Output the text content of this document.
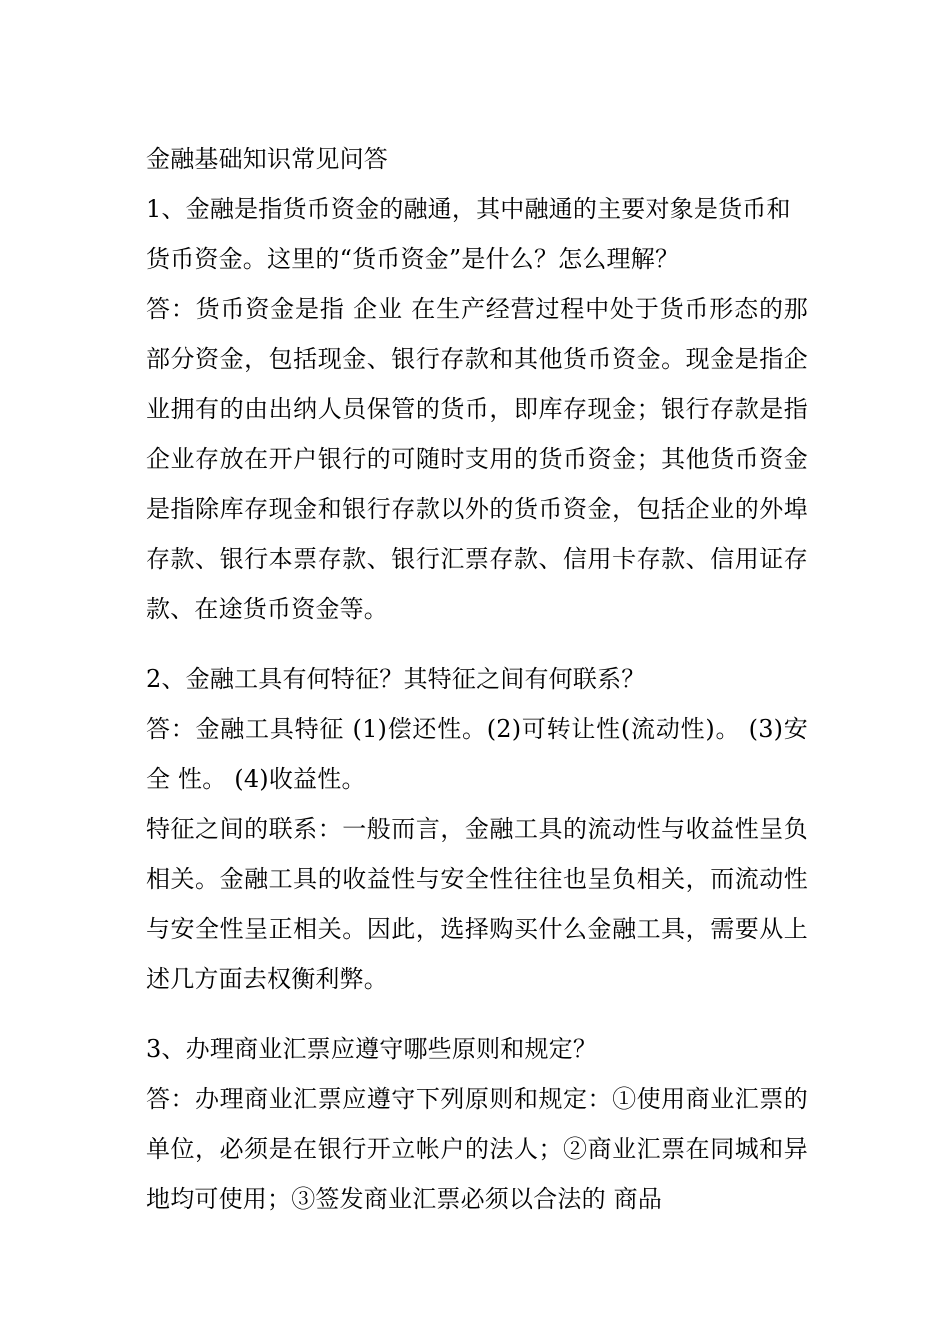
金融基础知识常见问答

1、金融是指货币资金的融通，其中融通的主要对象是货币和货币资金。这里的“货币资金”是什么？怎么理解？

答：货币资金是指 企业 在生产经营过程中处于货币形态的那部分资金，包括现金、银行存款和其他货币资金。现金是指企业拥有的由出纳人员保管的货币，即库存现金；银行存款是指企业存放在开户银行的可随时支用的货币资金；其他货币资金是指除库存现金和银行存款以外的货币资金，包括企业的外埠存款、银行本票存款、银行汇票存款、信用卡存款、信用证存款、在途货币资金等。

2、金融工具有何特征？其特征之间有何联系？

答：金融工具特征 (1)偿还性。(2)可转让性(流动性)。 (3)安全 性。 (4)收益性。

特征之间的联系：一般而言，金融工具的流动性与收益性呈负相关。金融工具的收益性与安全性往往也呈负相关，而流动性与安全性呈正相关。因此，选择购买什么金融工具，需要从上述几方面去权衡利弊。

3、办理商业汇票应遵守哪些原则和规定？

答：办理商业汇票应遵守下列原则和规定：①使用商业汇票的单位，必须是在银行开立帐户的法人；②商业汇票在同城和异地均可使用；③签发商业汇票必须以合法的 商品
